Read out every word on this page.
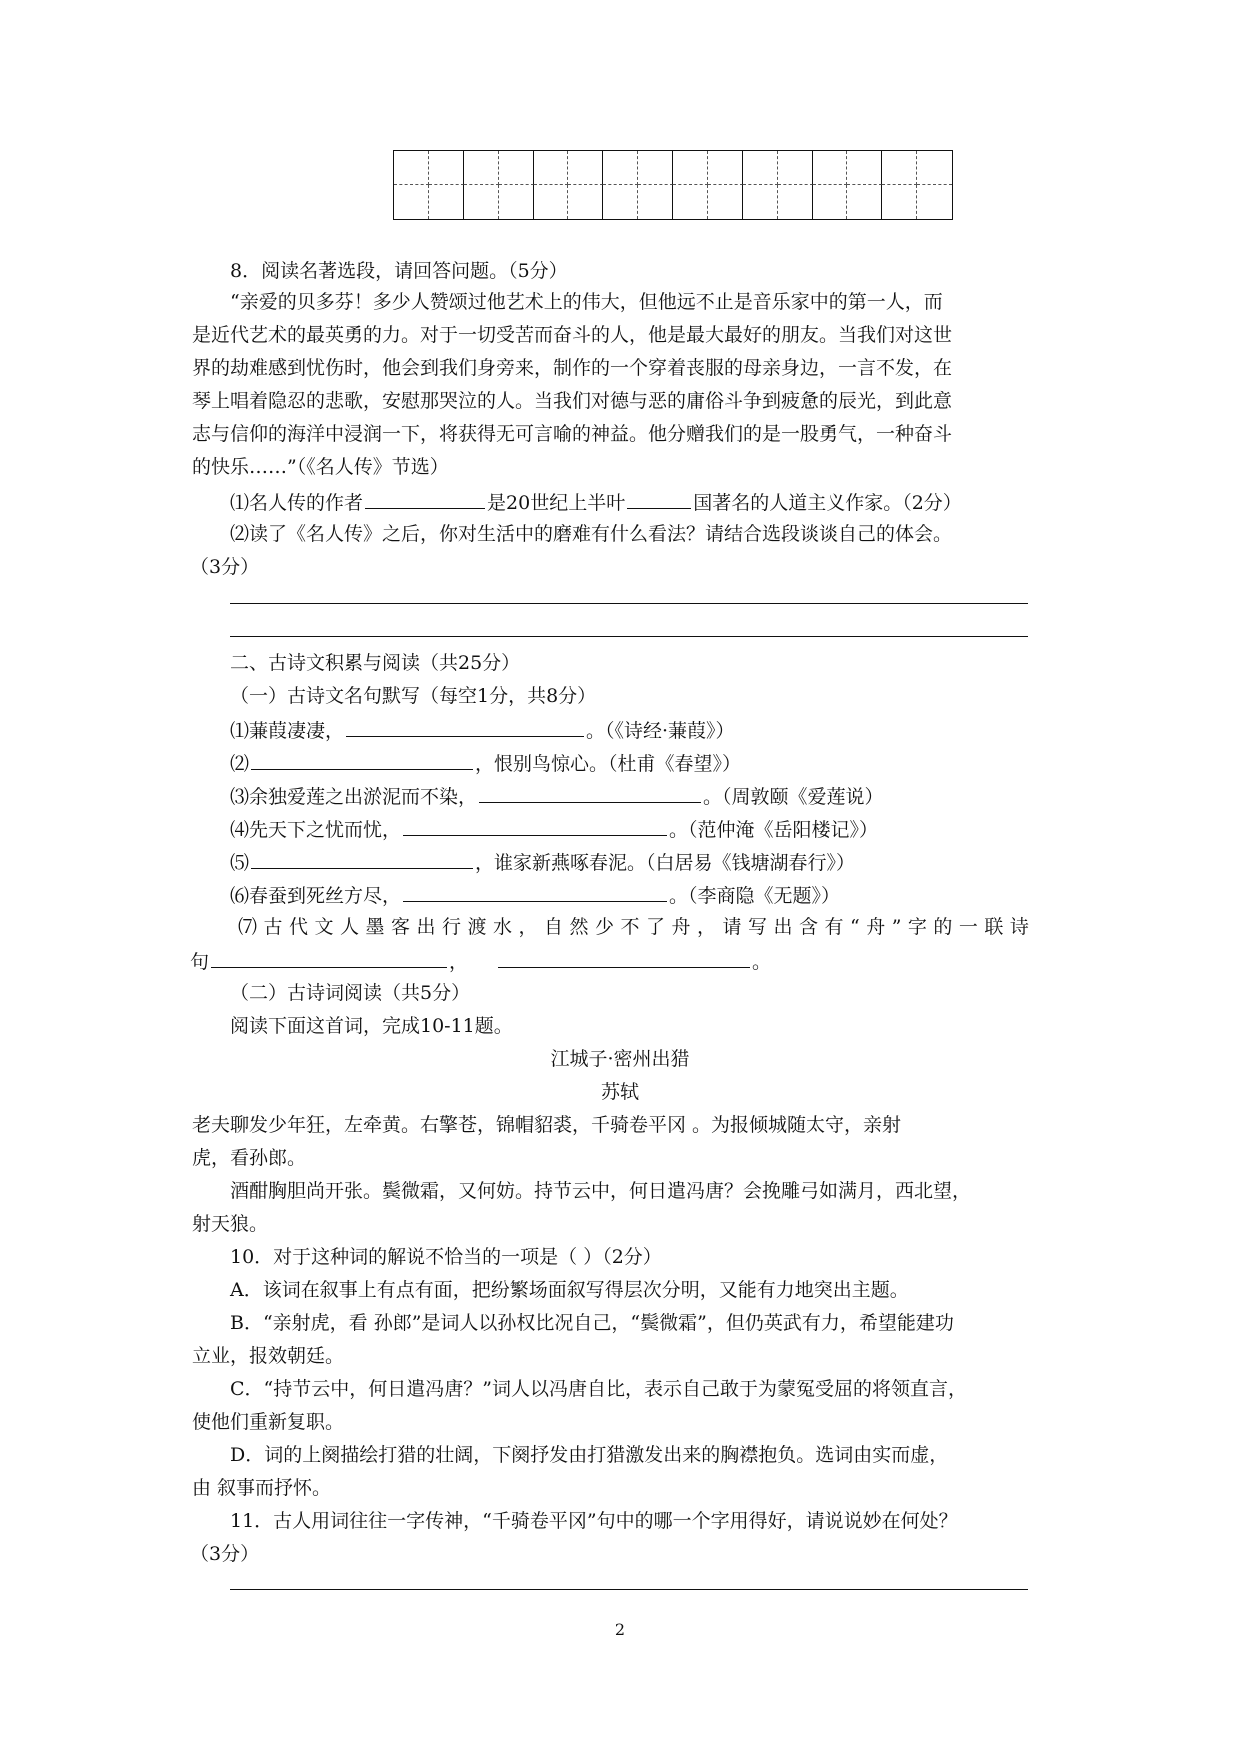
8．阅读名著选段，请回答问题。（5分）
“亲爱的贝多芬！多少人赞颂过他艺术上的伟大，但他远不止是音乐家中的第一人，而
是近代艺术的最英勇的力。对于一切受苦而奋斗的人，他是最大最好的朋友。当我们对这世
界的劫难感到忧伤时，他会到我们身旁来，制作的一个穿着丧服的母亲身边，一言不发，在
琴上唱着隐忍的悲歌，安慰那哭泣的人。当我们对德与恶的庸俗斗争到疲惫的辰光，到此意
志与信仰的海洋中浸润一下，将获得无可言喻的神益。他分赠我们的是一股勇气，一种奋斗
的快乐……”（《名人传》节选）
⑴名人传的作者	是20世纪上半叶	国著名的人道主义作家。（2分）
⑵读了《名人传》之后，你对生活中的磨难有什么看法？请结合选段谈谈自己的体会。
（3分）
二、古诗文积累与阅读（共25分）
（一）古诗文名句默写（每空1分，共8分）
⑴蒹葭凄凄，	。（《诗经·蒹葭》）
⑵	，恨别鸟惊心。（杜甫《春望》）
⑶余独爱莲之出淤泥而不染，	。（周敦颐《爱莲说）
⑷先天下之忧而忧，	。（范仲淹《岳阳楼记》）
⑸	，谁家新燕啄春泥。（白居易《钱塘湖春行》）
⑹春蚕到死丝方尽，	。（李商隐《无题》）
⑺古代文人墨客出行渡水，自然少不了舟，请写出含有“舟”字的一联诗
句	，	。
（二）古诗词阅读（共5分）
阅读下面这首词，完成10-11题。
江城子·密州出猎
苏轼
老夫聊发少年狂，左牵黄。右擎苍，锦帽貂裘，千骑卷平冈 。为报倾城随太守，亲射
虎，看孙郎。
酒酣胸胆尚开张。鬓微霜，又何妨。持节云中，何日遣冯唐？会挽雕弓如满月，西北望，
射天狼。
10．对于这种词的解说不恰当的一项是（ ）（2分）
A．该词在叙事上有点有面，把纷繁场面叙写得层次分明，又能有力地突出主题。
B．“亲射虎，看 孙郎”是词人以孙权比况自己，“鬓微霜”，但仍英武有力，希望能建功
立业，报效朝廷。
C．“持节云中，何日遣冯唐？”词人以冯唐自比，表示自己敢于为蒙冤受屈的将领直言，
使他们重新复职。
D．词的上阕描绘打猎的壮阔，下阕抒发由打猎激发出来的胸襟抱负。选词由实而虚，
由 叙事而抒怀。
11．古人用词往往一字传神，“千骑卷平冈”句中的哪一个字用得好，请说说妙在何处？
（3分）
2
